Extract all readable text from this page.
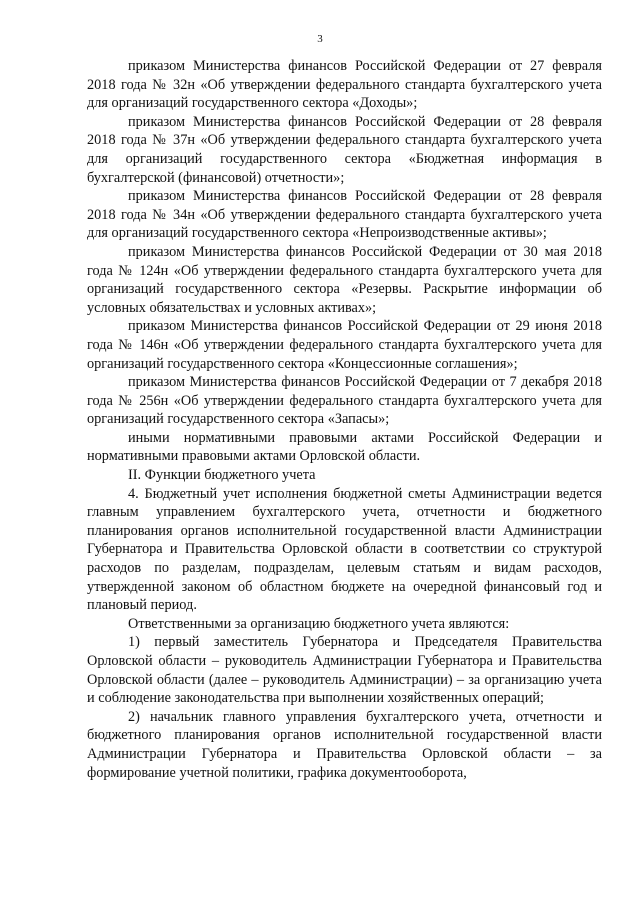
3

приказом Министерства финансов Российской Федерации от 27 февраля 2018 года № 32н «Об утверждении федерального стандарта бухгалтерского учета для организаций государственного сектора «Доходы»;

приказом Министерства финансов Российской Федерации от 28 февраля 2018 года № 37н «Об утверждении федерального стандарта бухгалтерского учета для организаций государственного сектора «Бюджетная информация в бухгалтерской (финансовой) отчетности»;

приказом Министерства финансов Российской Федерации от 28 февраля 2018 года № 34н «Об утверждении федерального стандарта бухгалтерского учета для организаций государственного сектора «Непроизводственные активы»;

приказом Министерства финансов Российской Федерации от 30 мая 2018 года № 124н «Об утверждении федерального стандарта бухгалтерского учета для организаций государственного сектора «Резервы. Раскрытие информации об условных обязательствах и условных активах»;

приказом Министерства финансов Российской Федерации от 29 июня 2018 года № 146н «Об утверждении федерального стандарта бухгалтерского учета для организаций государственного сектора «Концессионные соглашения»;

приказом Министерства финансов Российской Федерации от 7 декабря 2018 года № 256н «Об утверждении федерального стандарта бухгалтерского учета для организаций государственного сектора «Запасы»;

иными нормативными правовыми актами Российской Федерации и нормативными правовыми актами Орловской области.

II. Функции бюджетного учета

4. Бюджетный учет исполнения бюджетной сметы Администрации ведется главным управлением бухгалтерского учета, отчетности и бюджетного планирования органов исполнительной государственной власти Администрации Губернатора и Правительства Орловской области в соответствии со структурой расходов по разделам, подразделам, целевым статьям и видам расходов, утвержденной законом об областном бюджете на очередной финансовый год и плановый период.

Ответственными за организацию бюджетного учета являются:

1) первый заместитель Губернатора и Председателя Правительства Орловской области – руководитель Администрации Губернатора и Правительства Орловской области (далее – руководитель Администрации) – за организацию учета и соблюдение законодательства при выполнении хозяйственных операций;

2) начальник главного управления бухгалтерского учета, отчетности и бюджетного планирования органов исполнительной государственной власти Администрации Губернатора и Правительства Орловской области – за формирование учетной политики, графика документооборота,
